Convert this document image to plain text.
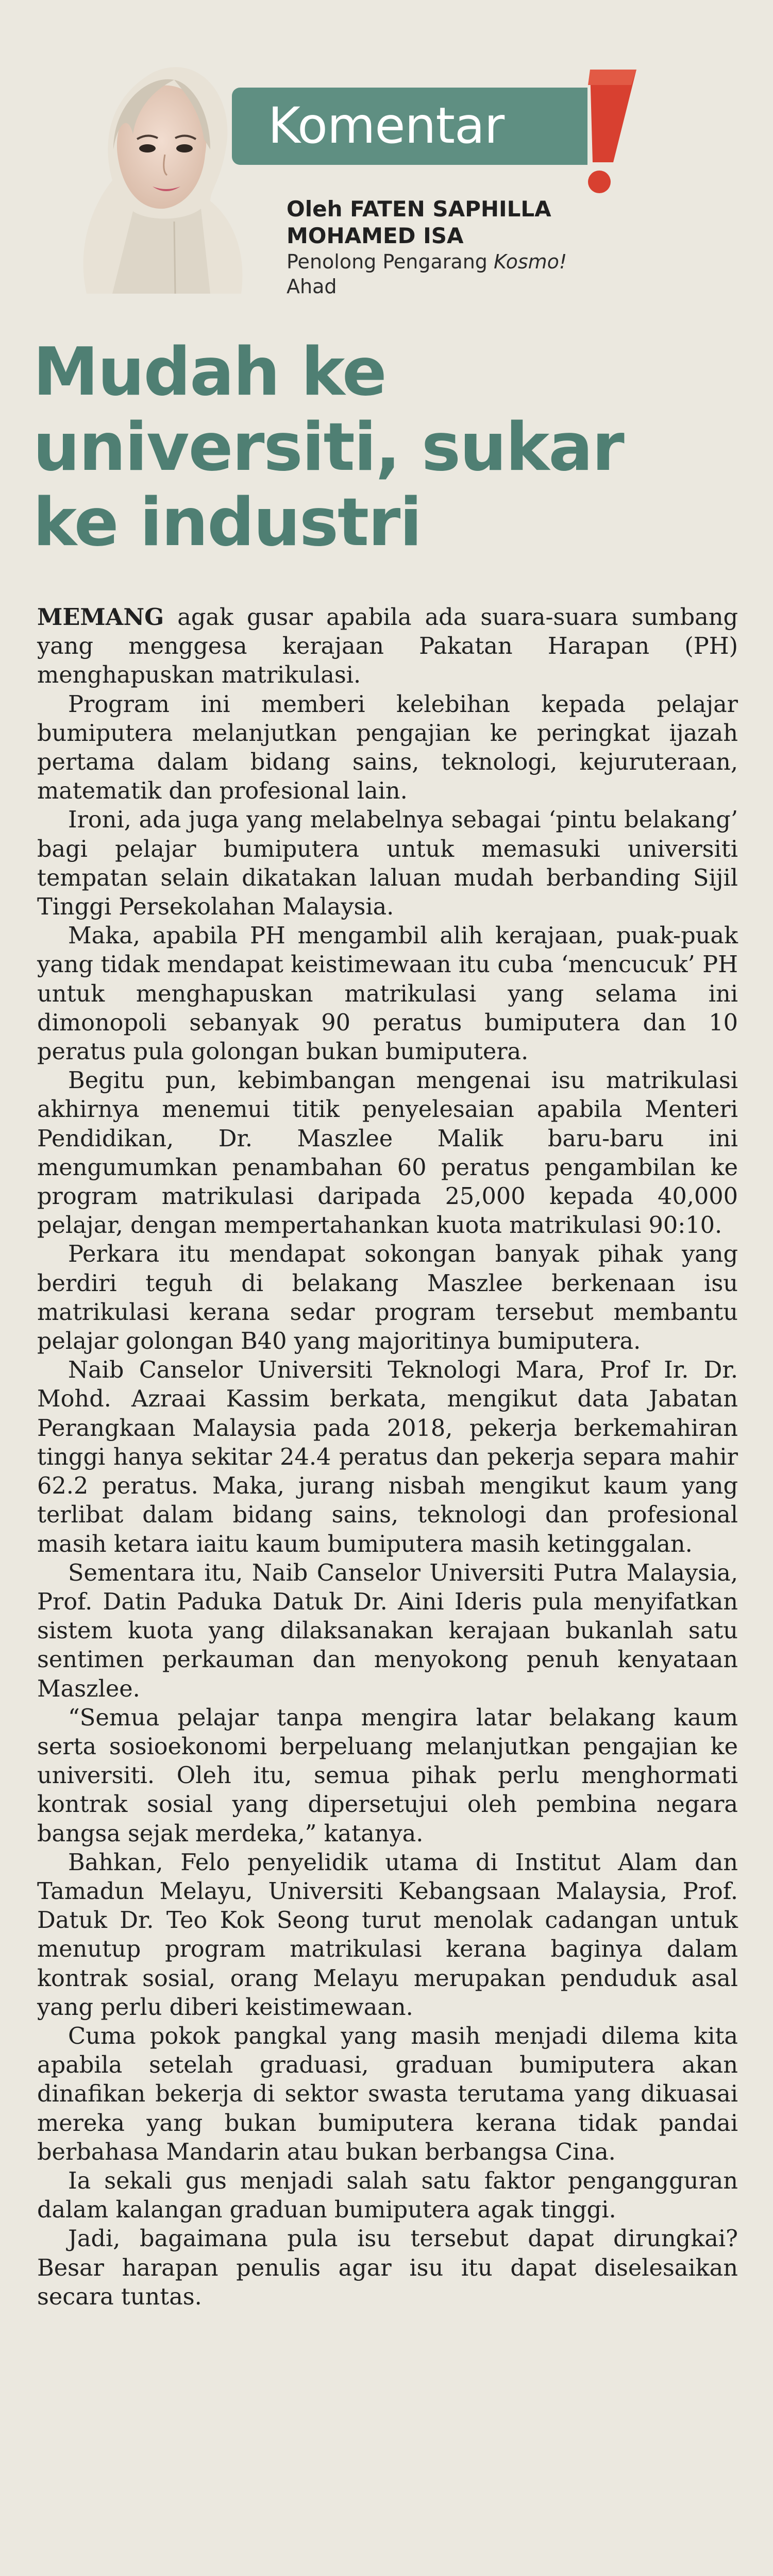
Komentar
Oleh FATEN SAPHILLA
MOHAMED ISA
Penolong Pengarang Kosmo!
Ahad
Mudah ke
universiti, sukar
ke industri

MEMANG agak gusar apabila ada suara-suara sumbang yang menggesa kerajaan Pakatan Harapan (PH) menghapuskan matrikulasi.

Program ini memberi kelebihan kepada pelajar bumiputera melanjutkan pengajian ke peringkat ijazah pertama dalam bidang sains, teknologi, kejuruteraan, matematik dan profesional lain.

Ironi, ada juga yang melabelnya sebagai ‘pintu belakang’ bagi pelajar bumiputera untuk memasuki universiti tempatan selain dikatakan laluan mudah berbanding Sijil Tinggi Persekolahan Malaysia.

Maka, apabila PH mengambil alih kerajaan, puak-puak yang tidak mendapat keistimewaan itu cuba ‘mencucuk’ PH untuk menghapuskan matrikulasi yang selama ini dimonopoli sebanyak 90 peratus bumiputera dan 10 peratus pula golongan bukan bumiputera.

Begitu pun, kebimbangan mengenai isu matrikulasi akhirnya menemui titik penyelesaian apabila Menteri Pendidikan, Dr. Maszlee Malik baru-baru ini mengumumkan penambahan 60 peratus pengambilan ke program matrikulasi daripada 25,000 kepada 40,000 pelajar, dengan mempertahankan kuota matrikulasi 90:10.

Perkara itu mendapat sokongan banyak pihak yang berdiri teguh di belakang Maszlee berkenaan isu matrikulasi kerana sedar program tersebut membantu pelajar golongan B40 yang majoritinya bumiputera.

Naib Canselor Universiti Teknologi Mara, Prof Ir. Dr. Mohd. Azraai Kassim berkata, mengikut data Jabatan Perangkaan Malaysia pada 2018, pekerja berkemahiran tinggi hanya sekitar 24.4 peratus dan pekerja separa mahir 62.2 peratus. Maka, jurang nisbah mengikut kaum yang terlibat dalam bidang sains, teknologi dan profesional masih ketara iaitu kaum bumiputera masih ketinggalan.

Sementara itu, Naib Canselor Universiti Putra Malaysia, Prof. Datin Paduka Datuk Dr. Aini Ideris pula menyifatkan sistem kuota yang dilaksanakan kerajaan bukanlah satu sentimen perkauman dan menyokong penuh kenyataan Maszlee.

“Semua pelajar tanpa mengira latar belakang kaum serta sosioekonomi berpeluang melanjutkan pengajian ke universiti. Oleh itu, semua pihak perlu menghormati kontrak sosial yang dipersetujui oleh pembina negara bangsa sejak merdeka,” katanya.

Bahkan, Felo penyelidik utama di Institut Alam dan Tamadun Melayu, Universiti Kebangsaan Malaysia, Prof. Datuk Dr. Teo Kok Seong turut menolak cadangan untuk menutup program matrikulasi kerana baginya dalam kontrak sosial, orang Melayu merupakan penduduk asal yang perlu diberi keistimewaan.

Cuma pokok pangkal yang masih menjadi dilema kita apabila setelah graduasi, graduan bumiputera akan dinafikan bekerja di sektor swasta terutama yang dikuasai mereka yang bukan bumiputera kerana tidak pandai berbahasa Mandarin atau bukan berbangsa Cina.

Ia sekali gus menjadi salah satu faktor pengangguran dalam kalangan graduan bumiputera agak tinggi.

Jadi, bagaimana pula isu tersebut dapat dirungkai? Besar harapan penulis agar isu itu dapat diselesaikan secara tuntas.
